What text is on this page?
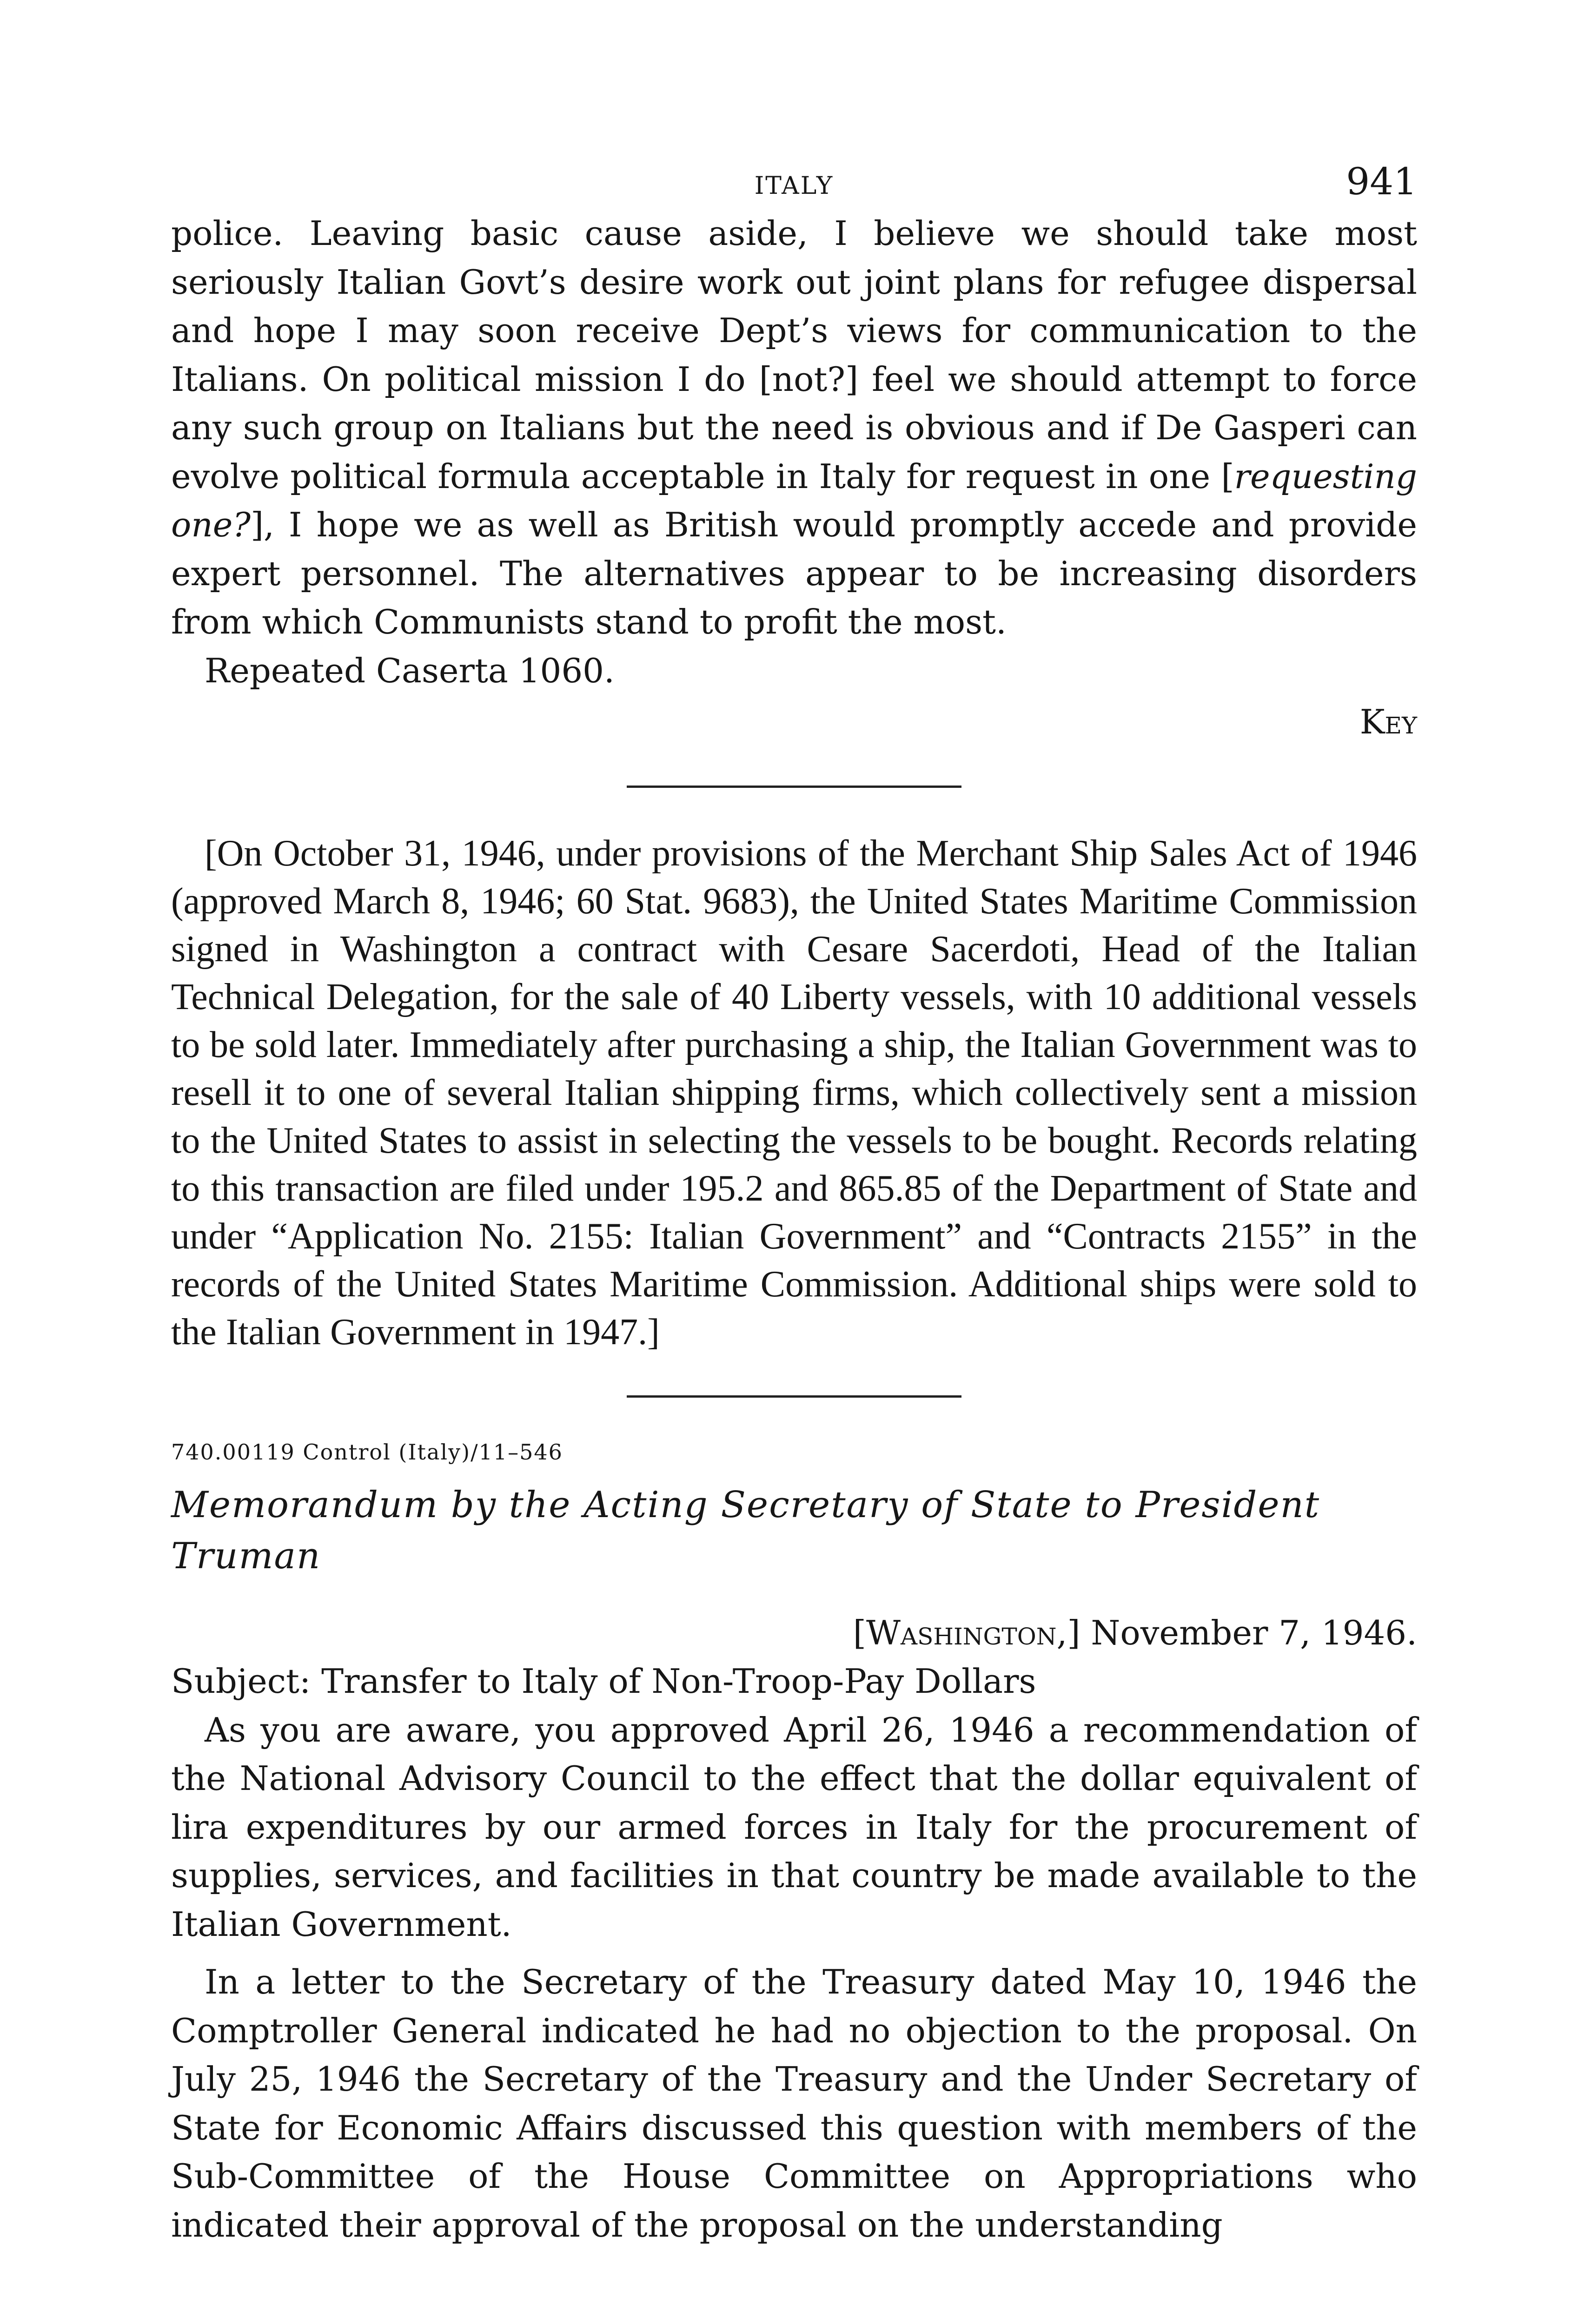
ITALY	941

police. Leaving basic cause aside, I believe we should take most seriously Italian Govt’s desire work out joint plans for refugee dispersal and hope I may soon receive Dept’s views for communication to the Italians. On political mission I do [not?] feel we should attempt to force any such group on Italians but the need is obvious and if De Gasperi can evolve political formula acceptable in Italy for request in one [requesting one?], I hope we as well as British would promptly accede and provide expert personnel. The alternatives appear to be increasing disorders from which Communists stand to profit the most.

Repeated Caserta 1060.

Key

[On October 31, 1946, under provisions of the Merchant Ship Sales Act of 1946 (approved March 8, 1946; 60 Stat. 9683), the United States Maritime Commission signed in Washington a contract with Cesare Sacerdoti, Head of the Italian Technical Delegation, for the sale of 40 Liberty vessels, with 10 additional vessels to be sold later. Immediately after purchasing a ship, the Italian Government was to resell it to one of several Italian shipping firms, which collectively sent a mission to the United States to assist in selecting the vessels to be bought. Records relating to this transaction are filed under 195.2 and 865.85 of the Department of State and under “Application No. 2155: Italian Government” and “Contracts 2155” in the records of the United States Maritime Commission. Additional ships were sold to the Italian Government in 1947.]

740.00119 Control (Italy)/11–546
Memorandum by the Acting Secretary of State to President Truman
[Washington,] November 7, 1946.
Subject: Transfer to Italy of Non-Troop-Pay Dollars

As you are aware, you approved April 26, 1946 a recommendation of the National Advisory Council to the effect that the dollar equivalent of lira expenditures by our armed forces in Italy for the procurement of supplies, services, and facilities in that country be made available to the Italian Government.

In a letter to the Secretary of the Treasury dated May 10, 1946 the Comptroller General indicated he had no objection to the proposal. On July 25, 1946 the Secretary of the Treasury and the Under Secretary of State for Economic Affairs discussed this question with members of the Sub-Committee of the House Committee on Appropriations who indicated their approval of the proposal on the understanding
